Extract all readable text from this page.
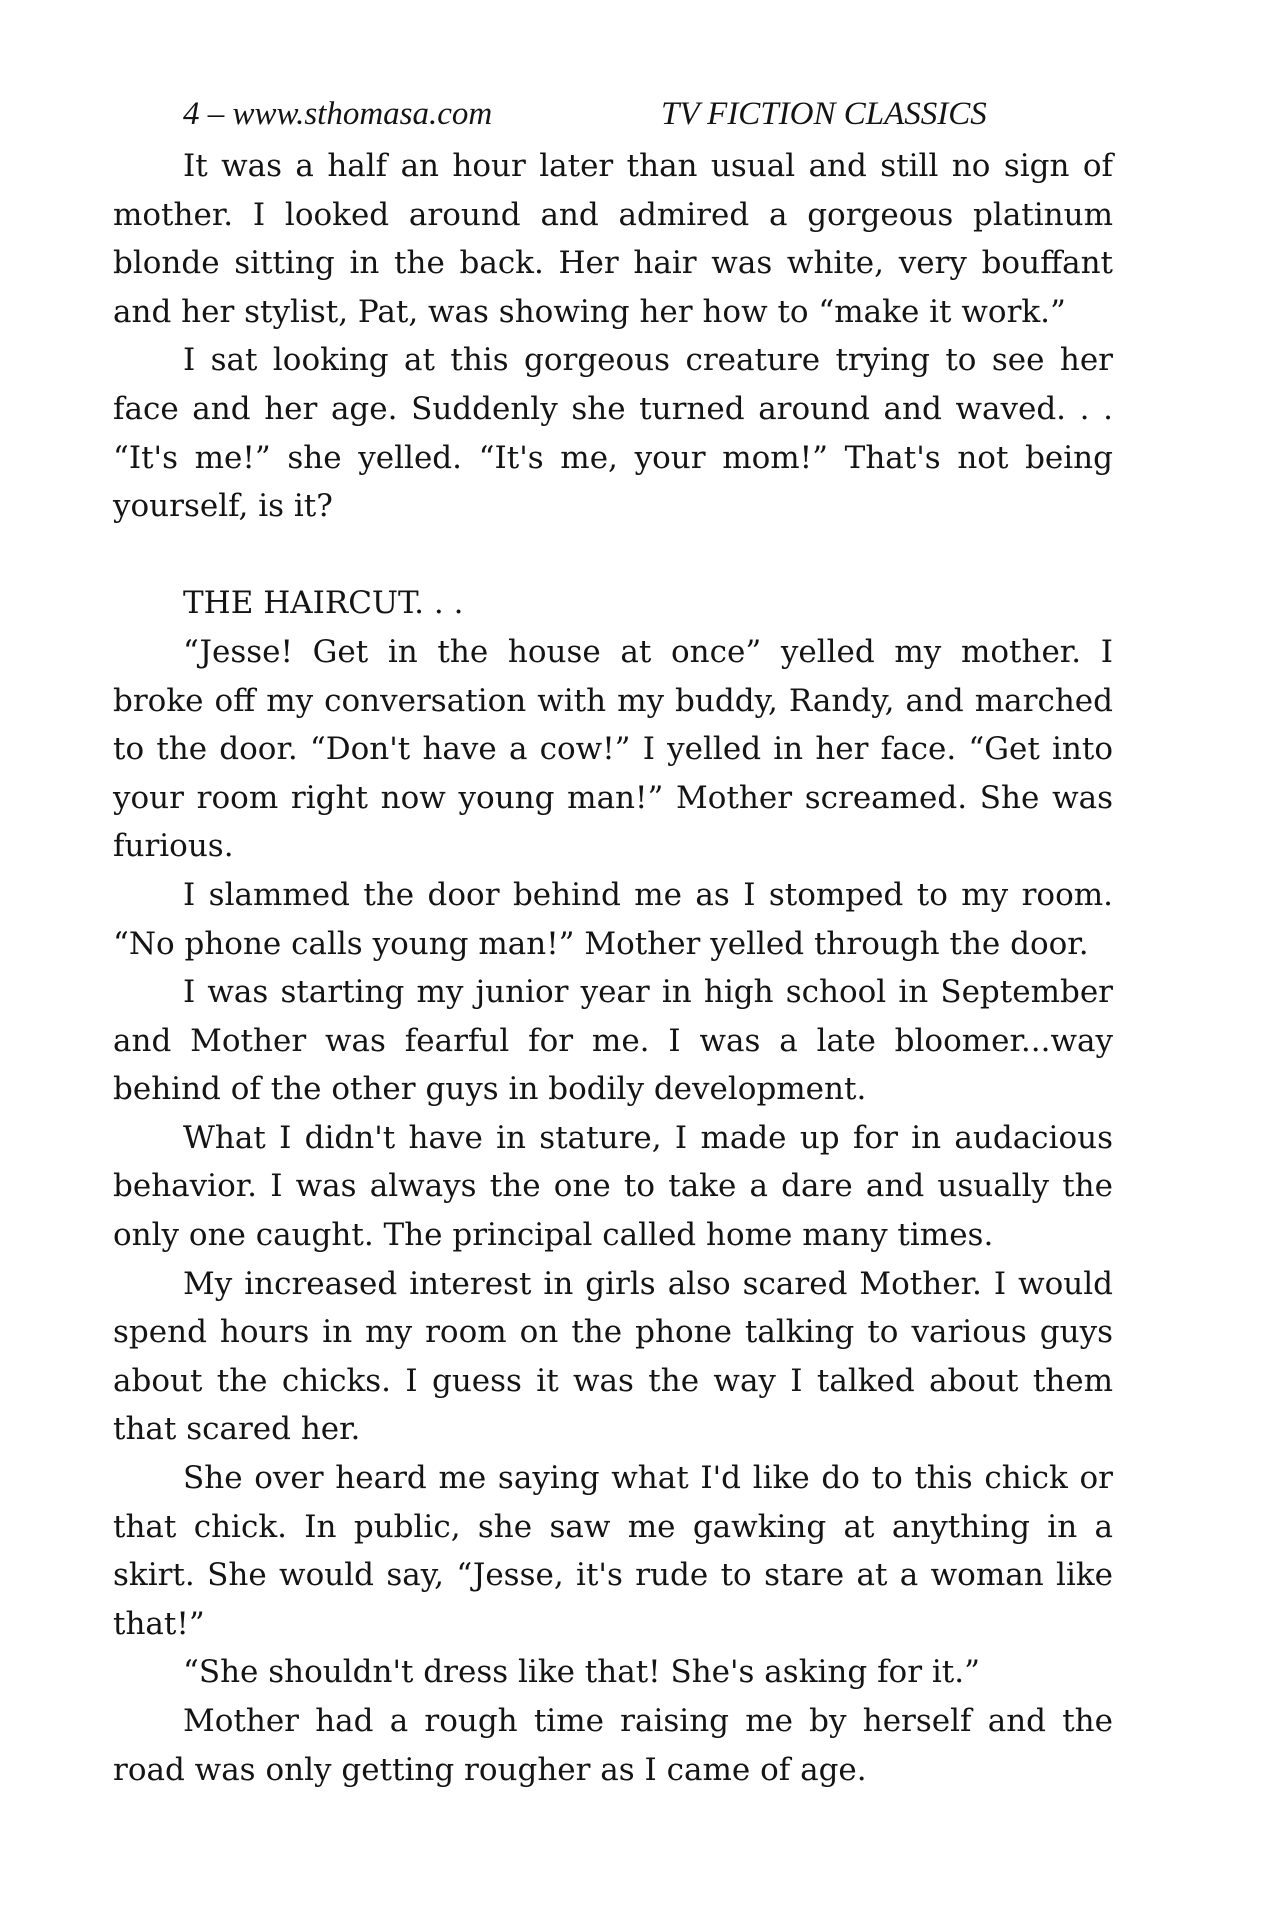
4 – www.sthomasa.com	TV FICTION CLASSICS

It was a half an hour later than usual and still no sign of mother. I looked around and admired a gorgeous platinum blonde sitting in the back. Her hair was white, very bouffant and her stylist, Pat, was showing her how to “make it work.”

I sat looking at this gorgeous creature trying to see her face and her age. Suddenly she turned around and waved. . . “It's me!” she yelled. “It's me, your mom!” That's not being yourself, is it?

THE HAIRCUT. . .

“Jesse! Get in the house at once” yelled my mother. I broke off my conversation with my buddy, Randy, and marched to the door. “Don't have a cow!” I yelled in her face. “Get into your room right now young man!” Mother screamed. She was furious.

I slammed the door behind me as I stomped to my room. “No phone calls young man!” Mother yelled through the door.

I was starting my junior year in high school in September and Mother was fearful for me. I was a late bloomer...way behind of the other guys in bodily development.

What I didn't have in stature, I made up for in audacious behavior. I was always the one to take a dare and usually the only one caught. The principal called home many times.

My increased interest in girls also scared Mother. I would spend hours in my room on the phone talking to various guys about the chicks. I guess it was the way I talked about them that scared her.

She over heard me saying what I'd like do to this chick or that chick. In public, she saw me gawking at anything in a skirt. She would say, “Jesse, it's rude to stare at a woman like that!”

“She shouldn't dress like that! She's asking for it.”

Mother had a rough time raising me by herself and the road was only getting rougher as I came of age.
